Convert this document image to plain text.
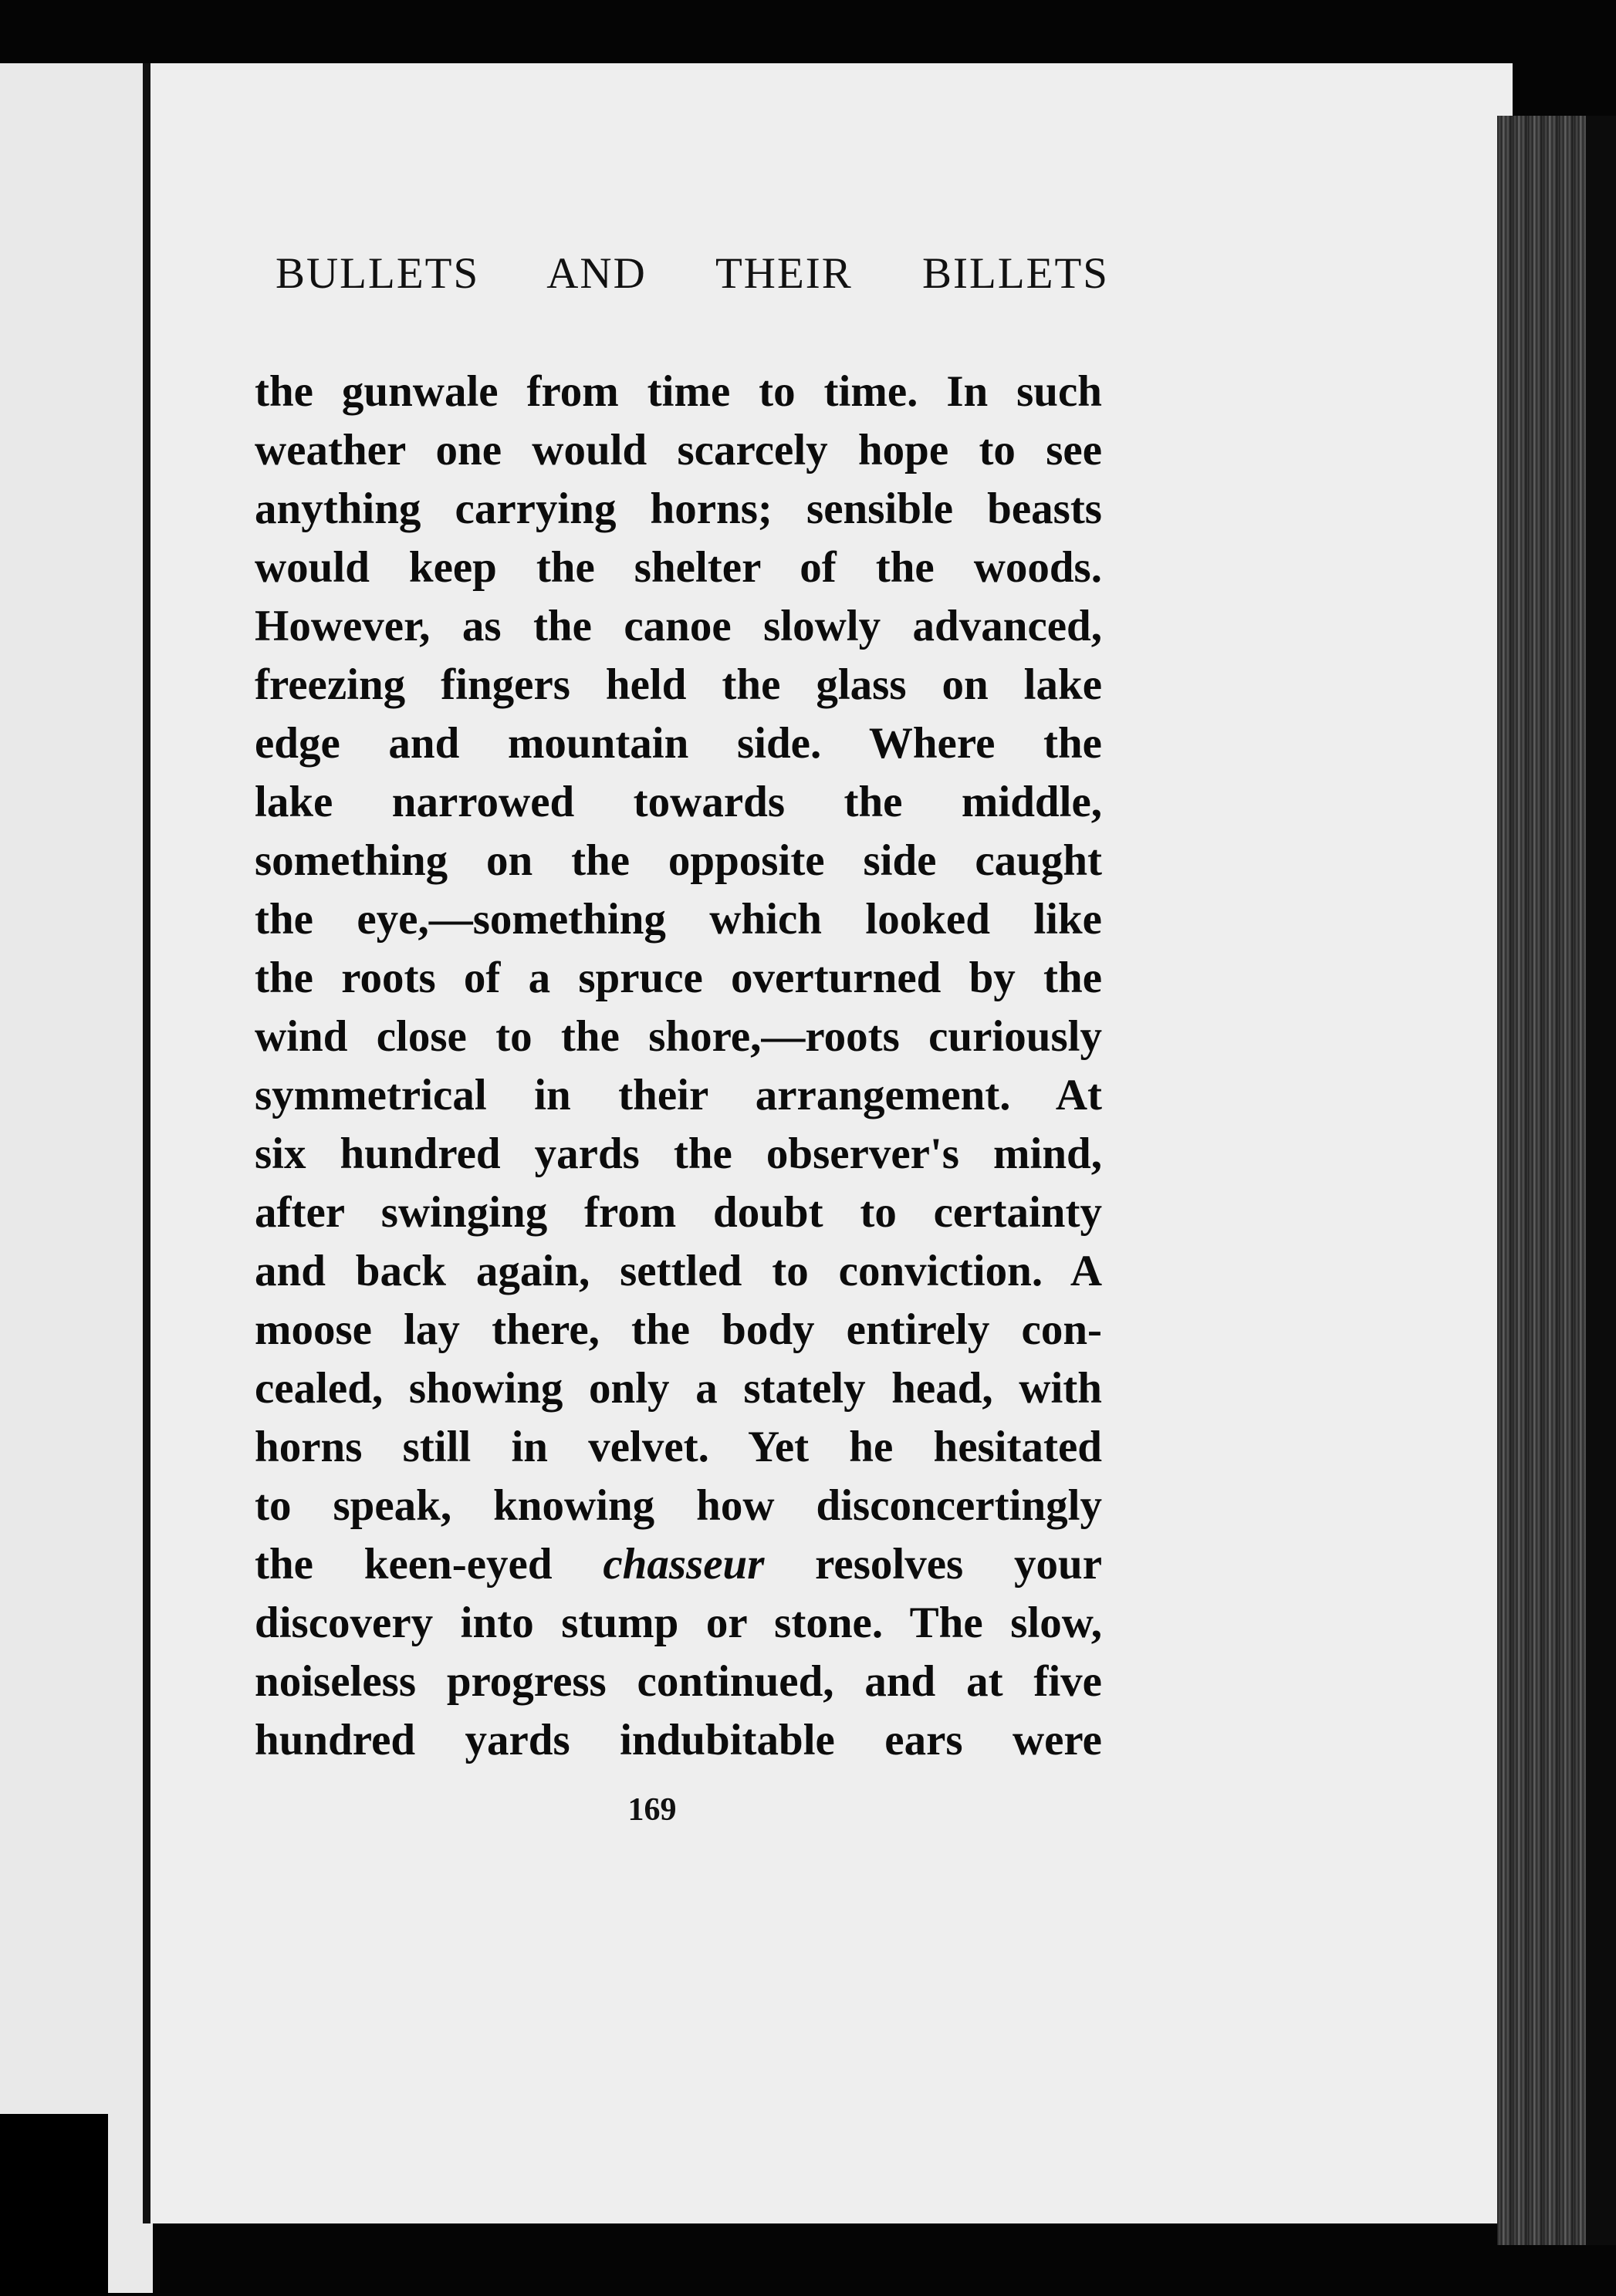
BULLETS AND THEIR BILLETS
the gunwale from time to time. In such
weather one would scarcely hope to see
anything carrying horns; sensible beasts
would keep the shelter of the woods.
However, as the canoe slowly advanced,
freezing fingers held the glass on lake
edge and mountain side. Where the
lake narrowed towards the middle,
something on the opposite side caught
the eye,—something which looked like
the roots of a spruce overturned by the
wind close to the shore,—roots curiously
symmetrical in their arrangement. At
six hundred yards the observer's mind,
after swinging from doubt to certainty
and back again, settled to conviction. A
moose lay there, the body entirely con-
cealed, showing only a stately head, with
horns still in velvet. Yet he hesitated
to speak, knowing how disconcertingly
the keen-eyed chasseur resolves your
discovery into stump or stone. The slow,
noiseless progress continued, and at five
hundred yards indubitable ears were
169
